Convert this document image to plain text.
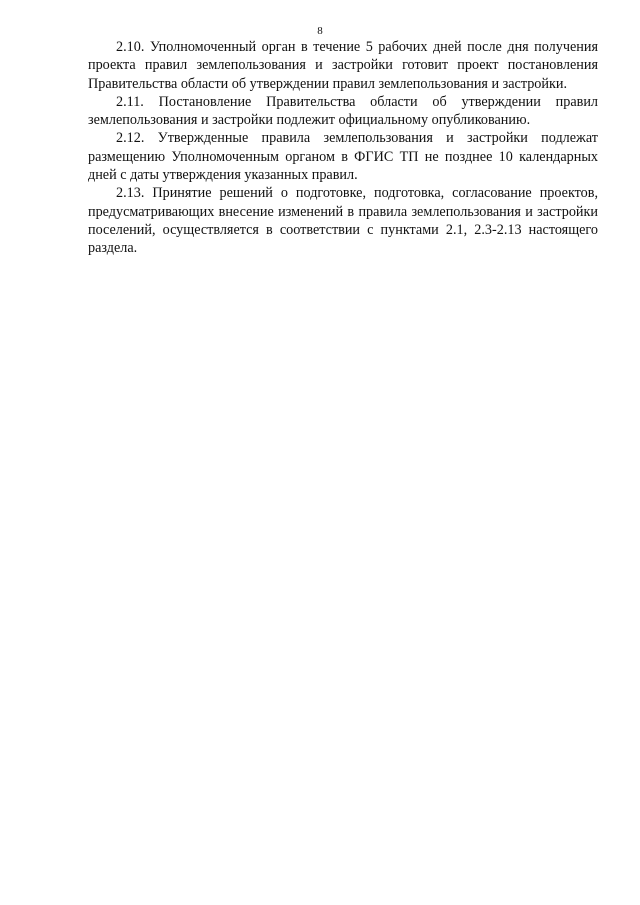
8

2.10. Уполномоченный орган в течение 5 рабочих дней после дня получения проекта правил землепользования и застройки готовит проект постановления Правительства области об утверждении правил землепользования и застройки.

2.11. Постановление Правительства области об утверждении правил землепользования и застройки подлежит официальному опубликованию.

2.12. Утвержденные правила землепользования и застройки подлежат размещению Уполномоченным органом в ФГИС ТП не позднее 10 календарных дней с даты утверждения указанных правил.

2.13. Принятие решений о подготовке, подготовка, согласование проектов, предусматривающих внесение изменений в правила землепользования и застройки поселений, осуществляется в соответствии с пунктами 2.1, 2.3-2.13 настоящего раздела.
